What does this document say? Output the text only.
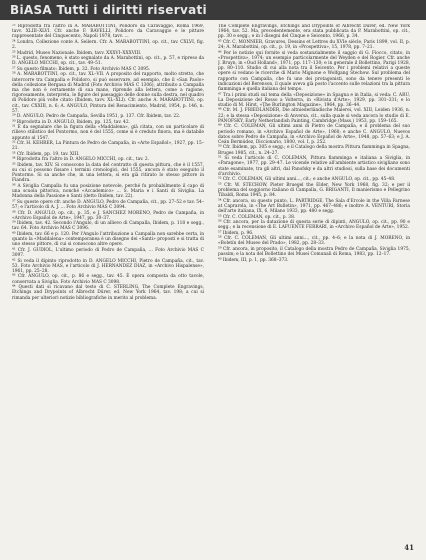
BiASA Tutti i diritti riservati

²³ Riprodotta fra l'altro in A. MARABOTTINI, Polidoro da Caravaggio, Roma 1969, tavv. XLIII–XLVI. Cfr. anche F. RAVELLI, Polidoro da Caravaggio e le pitture rappresentate del Cinquecento, Napoli 1978, tavv. ...

²⁴ Londra, Collezione conte A. Seilern. Cfr. A. MARABOTTINI, op. cit., tav. CXLVI, fig. 2.

²⁵ Madrid, Museo Nazionale. Ibidem, tavv. XXXVI–XXXVIII.

²⁶ L. questo, fenomeno, è stato segnalato da A. Marabottini, op. cit., p. 57, e ripreso da D. ANGELO MICCHI, op. cit., tav. 49–51.

²⁷ Su questo filmato: Ibidem, p. 32. Foto Archivio MAS C 3095.

²⁸ A. MARABOTTINI, op. cit., tav. XL–VII. A proposito del rapporto, molto stretto, che intercorre tra Campalla e Polidoro, si può osservare, ad esempio, che il «San Paolo» della collezione Bergasa di Madrid (Foto Archivio MAS C 1306), attribuito a Campalla ma che non è certamente di sua mano, riprende alla lettera, come a ragione, rigorosamente, interpreta, le figure del paesaggio delle donne sulla destra, nel quadro di Polidoro più volte citato (Ibidem, tavv. XL–XLI). Cfr. anche A. MARABOTTINI, op. cit., tav. CXXIII, n. 6; A. ANGULO, Pintura del Renacimiento, Madrid, 1954, p. 146, n. 57.

²⁹ D. ANGULO, Pedro de Campaña, Sevilla 1951, p. 137. Cfr. Ibidem, tav. 22.

³⁰ Riprodotta in D. ANGULO, Ibidem, pp. 125, tav. 42.

³¹ È da segnalare che la figura della «Maddalena», già citata, con un particolare di rilievo stilistico del Pontormo, non è del 1555, come si è creduto finora, ma è databile appunto al 1547.

³² Cfr. H. KEHRER, La Pintura de Pedro de Campaña, in «Arte Español», 1927, pp. 15–21.

³³ Cfr. Ibidem, pp. 19, tav. XIII.

³⁴ Riprodotta fra l'altro in D. ANGELO MICCHI, op. cit., tav. 2.

³⁵ Ibidem, tav. XIV. Si conoscono la data del contratto di questa pittura, che è il 1557, su cui si possono fissare i termini cronologici, del 1555, ancora è stato eseguito il Pontormo. Si sa anche che, in una lettera, si era già ritirato lo stesso pittore in Fiandra.

³⁶ A Siviglia Campalla fu una posizione notevole, perché fu probabilmente il capo di una scuola pittorica, nonché «Accademico» ... S. Maria e i Santi di Siviglia. La Madonna della Passione e Santi (detto Ibidem, tav. 22).

³⁷ Su queste opere cfr. anche D. ANGULO, Pedro de Campaña, cit., pp. 27–52 e tav. 54–57; e l'articolo di A. J. ... Foto Archivio MAS C 3094.

³⁸ Cfr. D. ANGULO, op. cit., p. 35, e J. SANCHEZ MORENO, Pedro de Campaña, in «Archivo Español de Arte», 1947, pp. 30–37.

³⁹ Ibidem, tav. 42. Secondo l'Angulo, di un allievo di Campalla, Ibidem, p. 118 e segg., tav. 64. Foto Archivio MAS C 3096.

⁴⁰ Ibidem, tav. 66 e p. 120. Per l'Angulo l'attribuzione a Campalla non sarebbe certa, in quanto la «Maddalena» contemporanea è un disegno dei «Santi» proposti e si tratta di uno stesso pittore, di cui si conoscono altre opere.

⁴¹ Cfr. J. GUDIOL, L'ultimo periodo di Pedro de Campaña, ... Foto Archivio MAS C 3097.

⁴² Si veda il dipinto riprodotto in D. ANGELO MICCHI, Pietro de Campaña, cit., tav. 53. Foto Archivio MAS, e l'articolo di J. HERNANDEZ DIAZ, in «Archivo Hispalense», 1961, pp. 25–28.

⁴³ Cfr. ANGULO, op. cit., p. 86 e segg., tav. 45. È opera composta da otto tavole, conservata a Siviglia. Foto Archivio MAS C 3098.

⁴⁴ Questi dati si ricavano dal testo di C. STERLING, The Complete Engravings, Etchings and Drypoints of Albrecht Dürer, ed. New York 1964, tav. 198; a cui si rimanda per ulteriori notizie bibliografiche in merito al problema.

The Complete Engravings, Etchings and Drypoints of Albrecht Dürer, ed. New York 1964, tav. 52. Ma, precedentemente, era stata pubblicata da P. Marabottini, op. cit., pp. 30 e segg.; e in I disegni del Cinque e Seicento, 1966, p. 34.

⁴⁵ Cfr. C. MONNIER, Gravures, Dessins et Lettres du XVIe siècle, Paris 1899, vol. II, p. 24; A. Marabottini, op. cit., p. 19, in «Prospettiva», 15, 1978, pp. 7–21.

⁴⁶ Per le notizie qui fornite si veda sostanzialmente il saggio di G. Fiocco, citato, in «Prospettiva», 1974; un esempio particolarmente del Weyden e del Rogier. Cfr. anche J. Bruyn, in «Oud Holland», 1971, pp. 117–130; e in generale il Bollettino, Parigi 1928, pp. 80–110. Studio di cui alla nota tra il Seicento. Per i problemi relativi a queste opere si vedano le ricerche di Mario Mignone e Wolfgang Stechow. Sul problema del rapporto con Campalla, che fu uno dei protagonisti, sono da tenere presenti le indicazioni del Berenson, il quale aveva già posto l'accento sulle relazioni tra la pittura fiamminga e quella italiana del tempo.

⁴⁷ Tra i primi studi sul tema della «Deposizione» in Spagna e in Italia, si veda: C. ARU, La Deposizione del Rosso a Volterra, in «Rivista d'Arte», 1929, pp. 301–331; e lo studio di M. Hirst, «The Burlington Magazine», 1964, pp. 36–44.

⁴⁸ Cfr. M. J. FRIEDLÄNDER, Die altniederländische Malerei, vol. XIII, Leiden 1936, n. 22; e la stessa «Deposizione» di Anversa, cit., sulla quale si veda ancora lo studio di E. PANOFSKY, Early Netherlandish Painting, Cambridge (Mass.) 1953, pp. 159–165.

⁴⁹ Cfr. C. COLEMAN, Gli ultimi anni di Pietro de Campaña, e il problema del suo periodo romano, in «Archivo Español de Arte», 1960; e anche C. ANGULO, Nuevos datos sobre Pedro de Campaña, in «Archivo Español de Arte», 1948, pp. 57–63; e J. A. Ceán Bermúdez, Diccionario, 1800, vol. I, p. 252.

⁵⁰ Cfr. Ibidem, pp. 305 e segg.; e il Catalogo della mostra Pittura fiamminga in Spagna, Bruges 1985, cit., n. 24–27.

⁵¹ Si veda l'articolo di C. COLEMAN, Pittura fiamminga e italiana a Siviglia, in «Paragone», 1977, pp. 29–47. Le vicende relative all'ambiente artistico sivigliano sono state esaminate, tra gli altri, dal Panofsky e da altri studiosi, sulla base dei documenti d'archivio.

⁵² Cfr. C. COLEMAN, Gli ultimi anni..., cit.; e anche ANGULO, op. cit., pp. 45–48.

⁵³ Cfr. W. STECHOW, Pieter Bruegel the Elder, New York 1968, fig. 32; e per il problema del soggiorno italiano di Campalla, G. BRIGANTI, Il manierismo e Pellegrino Tibaldi, Roma 1945, p. 84.

⁵⁴ Cfr. ancora, su questo punto, L. PARTRIDGE, The Sala d'Ercole in the Villa Farnese at Caprarola, in «The Art Bulletin», 1971, pp. 467–486; e inoltre A. VENTURI, Storia dell'arte italiana, IX, 6, Milano 1933, pp. 480 e segg.

⁵⁵ Cfr. C. COLEMAN, op. cit., p. 38.

⁵⁶ Cfr. ancora, per la datazione di questa serie di dipinti, ANGULO, op. cit., pp. 90 e segg.; e la recensione di E. LAFUENTE FERRARI, in «Archivo Español de Arte», 1952.

⁵⁷ Ibidem, p. 96.

⁵⁸ Cfr. C. COLEMAN, Gli ultimi anni..., cit., pp. 4–6; e la nota di J. MORENO, in «Boletín del Museo del Prado», 1982, pp. 28–33.

⁵⁹ Cfr. ancora, in proposito, il Catalogo della mostra Pedro de Campaña, Siviglia 1975, passim; e la nota del Bollettino dei Musei Comunali di Roma, 1983, pp. 12–17.

⁶⁰ Ibidem, III, p. 1, pp. 368–373.

41
